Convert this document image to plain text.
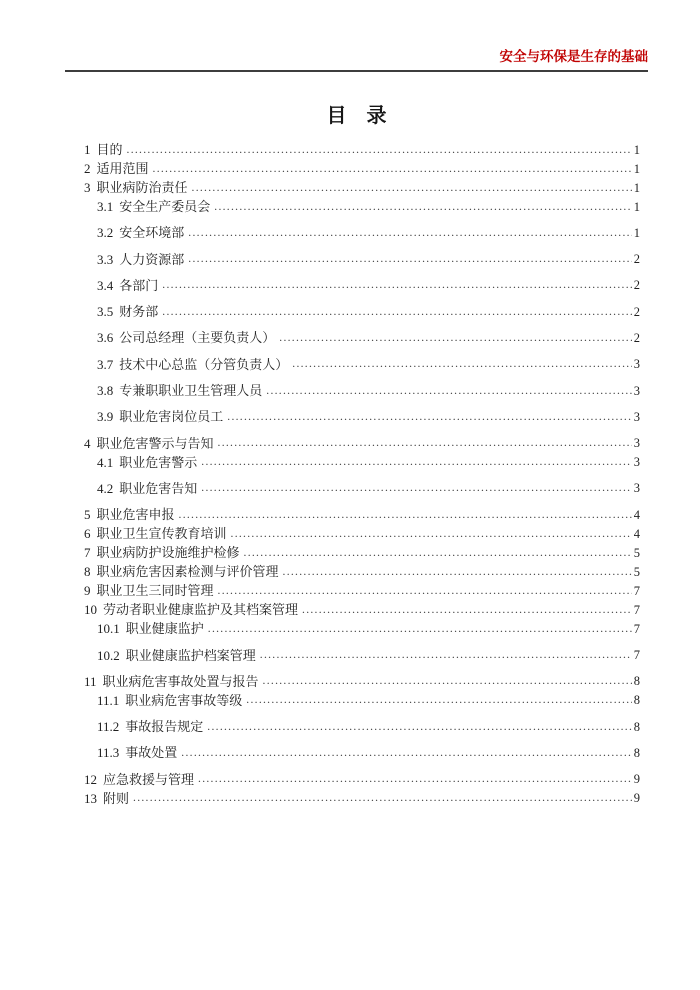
安全与环保是生存的基础
目　录
1 目的 .....	1
2 适用范围 .....	1
3 职业病防治责任 .....	1
3.1 安全生产委员会 .....	1
3.2 安全环境部 .....	1
3.3 人力资源部 .....	2
3.4 各部门 .....	2
3.5 财务部 .....	2
3.6 公司总经理（主要负责人） .....	2
3.7 技术中心总监（分管负责人） .....	3
3.8 专兼职职业卫生管理人员 .....	3
3.9 职业危害岗位员工 .....	3
4 职业危害警示与告知 .....	3
4.1 职业危害警示 .....	3
4.2 职业危害告知 .....	3
5 职业危害申报 .....	4
6 职业卫生宣传教育培训 .....	4
7 职业病防护设施维护检修 .....	5
8 职业病危害因素检测与评价管理 .....	5
9 职业卫生三同时管理 .....	7
10 劳动者职业健康监护及其档案管理 .....	7
10.1 职业健康监护 .....	7
10.2 职业健康监护档案管理 .....	7
11 职业病危害事故处置与报告 .....	8
11.1 职业病危害事故等级 .....	8
11.2 事故报告规定 .....	8
11.3 事故处置 .....	8
12 应急救援与管理 .....	9
13 附则 .....	9
